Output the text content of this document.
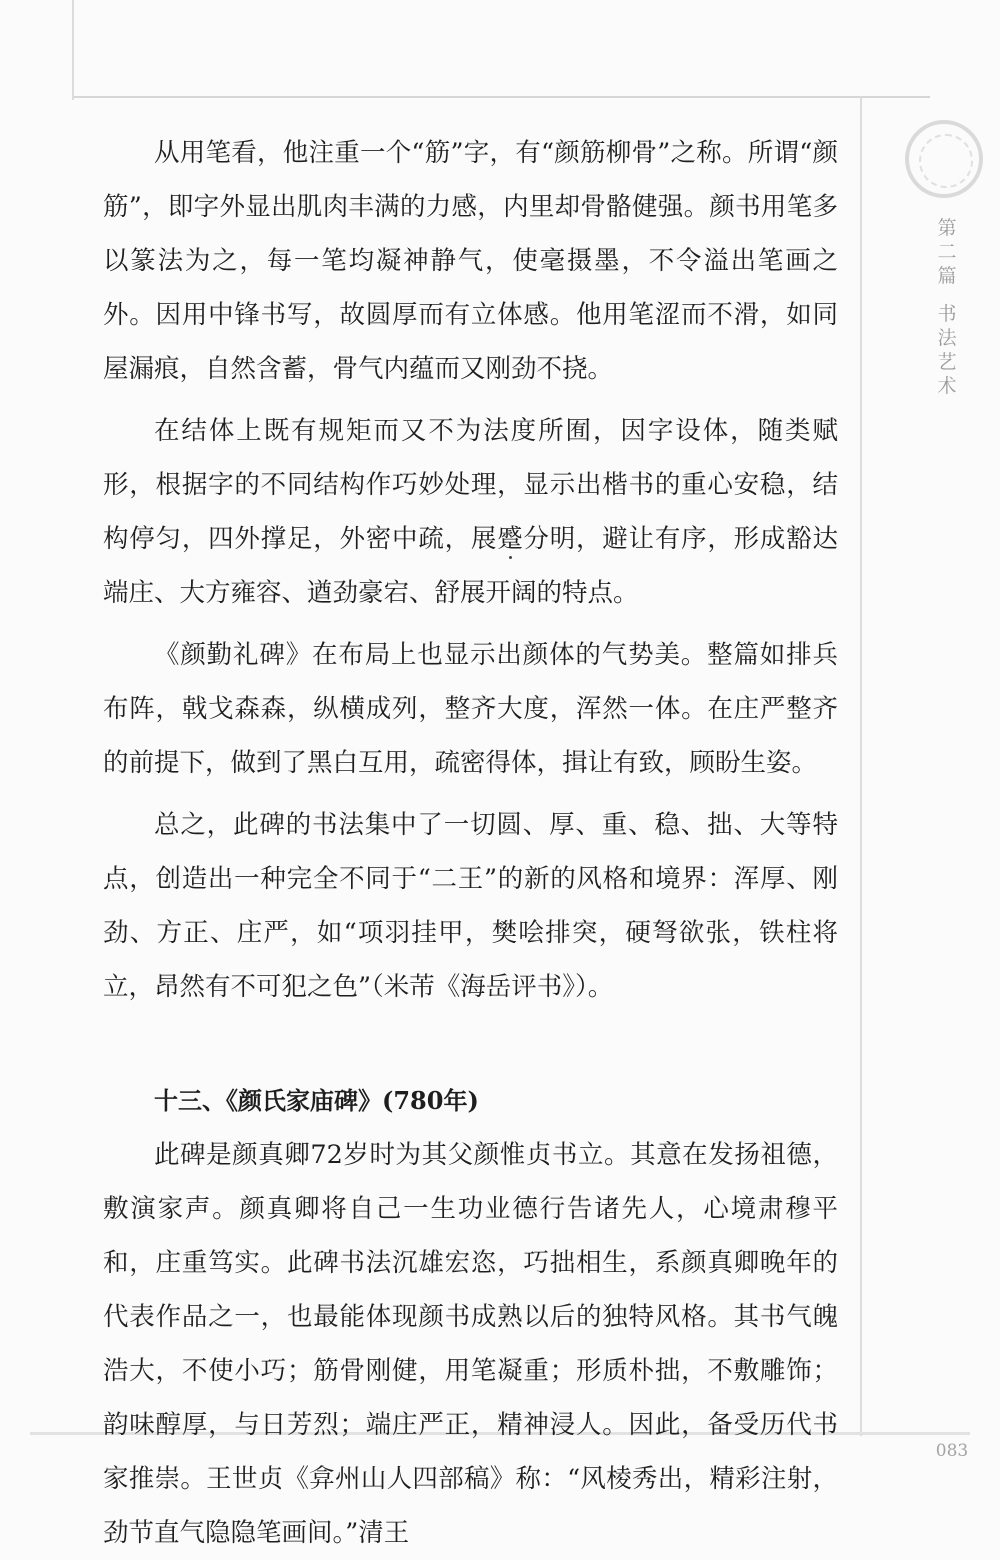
第
二
篇
书
法
艺
术

从用笔看，他注重一个“筋”字，有“颜筋柳骨”之称。所谓“颜筋”，即字外显出肌肉丰满的力感，内里却骨骼健强。颜书用笔多以篆法为之，每一笔均凝神静气，使毫摄墨，不令溢出笔画之外。因用中锋书写，故圆厚而有立体感。他用笔涩而不滑，如同屋漏痕，自然含蓄，骨气内蕴而又刚劲不挠。

在结体上既有规矩而又不为法度所囿，因字设体，随类赋形，根据字的不同结构作巧妙处理，显示出楷书的重心安稳，结构停匀，四外撑足，外密中疏，展蹙分明，避让有序，形成豁达端庄、大方雍容、遒劲豪宕、舒展开阔的特点。

《颜勤礼碑》在布局上也显示出颜体的气势美。整篇如排兵布阵，戟戈森森，纵横成列，整齐大度，浑然一体。在庄严整齐的前提下，做到了黑白互用，疏密得体，揖让有致，顾盼生姿。

总之，此碑的书法集中了一切圆、厚、重、稳、拙、大等特点，创造出一种完全不同于“二王”的新的风格和境界：浑厚、刚劲、方正、庄严，如“项羽挂甲，樊哙排突，硬弩欲张，铁柱将立，昂然有不可犯之色”（米芾《海岳评书》）。

十三、《颜氏家庙碑》(780年)

此碑是颜真卿72岁时为其父颜惟贞书立。其意在发扬祖德，敷演家声。颜真卿将自己一生功业德行告诸先人，心境肃穆平和，庄重笃实。此碑书法沉雄宏恣，巧拙相生，系颜真卿晚年的代表作品之一，也最能体现颜书成熟以后的独特风格。其书气魄浩大，不使小巧；筋骨刚健，用笔凝重；形质朴拙，不敷雕饰；韵味醇厚，与日芳烈；端庄严正，精神浸人。因此，备受历代书家推崇。王世贞《弇州山人四部稿》称：“风棱秀出，精彩注射，劲节直气隐隐笔画间。”清王

083
